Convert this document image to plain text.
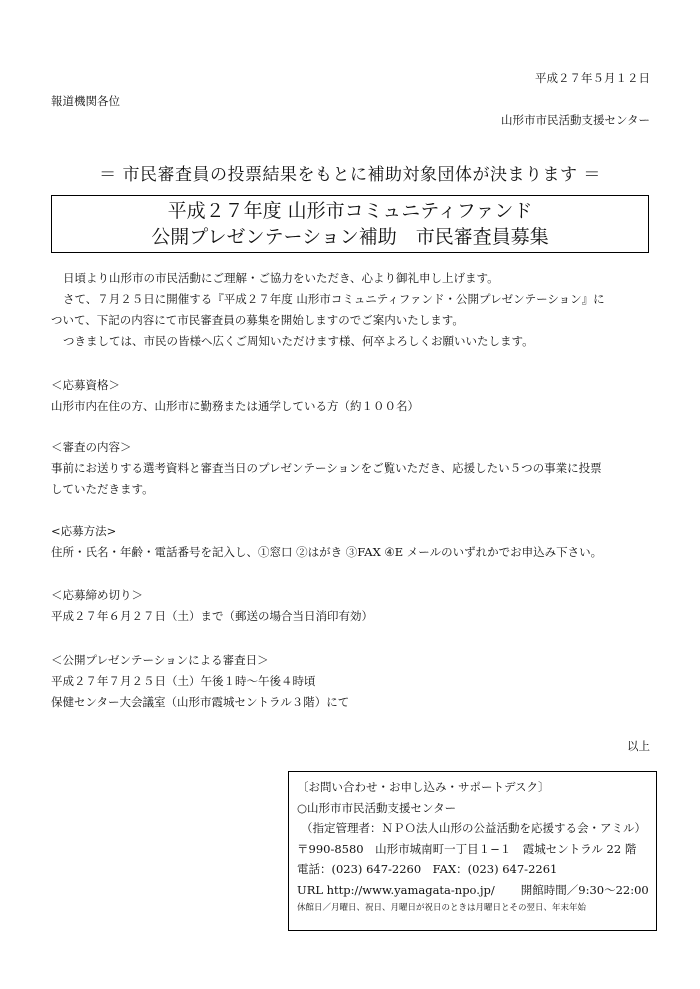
平成２７年５月１２日
報道機関各位
山形市市民活動支援センター
＝ 市民審査員の投票結果をもとに補助対象団体が決まります ＝
平成２７年度 山形市コミュニティファンド
公開プレゼンテーション補助　市民審査員募集
日頃より山形市の市民活動にご理解・ご協力をいただき、心より御礼申し上げます。
さて、７月２５日に開催する『平成２７年度 山形市コミュニティファンド・公開プレゼンテーション』に
ついて、下記の内容にて市民審査員の募集を開始しますのでご案内いたします。
つきましては、市民の皆様へ広くご周知いただけます様、何卒よろしくお願いいたします。
＜応募資格＞
山形市内在住の方、山形市に勤務または通学している方（約１００名）
＜審査の内容＞
事前にお送りする選考資料と審査当日のプレゼンテーションをご覧いただき、応援したい５つの事業に投票
していただきます。
<応募方法>
住所・氏名・年齢・電話番号を記入し、①窓口 ②はがき ③FAX ④E メールのいずれかでお申込み下さい。
＜応募締め切り＞
平成２７年６月２７日（土）まで（郵送の場合当日消印有効）
＜公開プレゼンテーションによる審査日＞
平成２７年７月２５日（土）午後１時～午後４時頃
保健センター大会議室（山形市霞城セントラル３階）にて
以上
〔お問い合わせ・お申し込み・サポートデスク〕
○山形市市民活動支援センター
（指定管理者：ＮＰＯ法人山形の公益活動を応援する会・アミル）
〒990-8580　山形市城南町一丁目１−１　霞城セントラル 22 階
電話：(023) 647-2260　FAX：(023) 647-2261
URL http://www.yamagata-npo.jp/ 開館時間／9:30～22:00
休館日／月曜日、祝日、月曜日が祝日のときは月曜日とその翌日、年末年始
